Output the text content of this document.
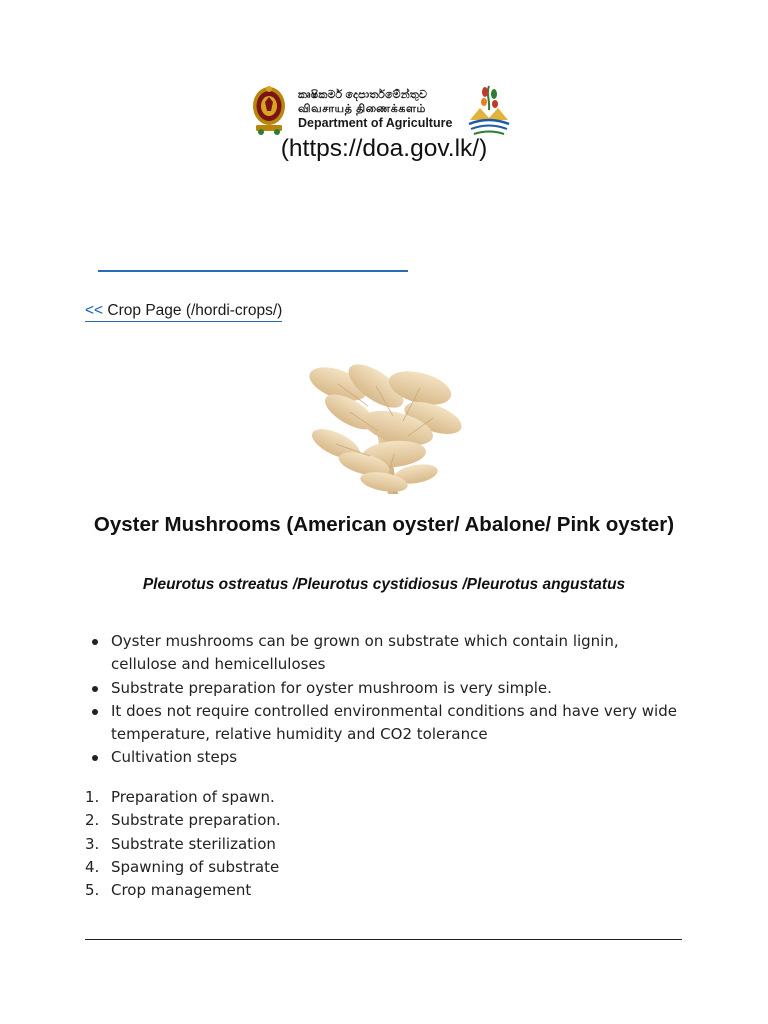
කෘෂිකර්ම දෙපාර්තමේන්තුව
விவசாயத் திணைக்களம்
Department of Agriculture
(https://doa.gov.lk/)
<< Crop Page (/hordi-crops/)
Oyster Mushrooms (American oyster/ Abalone/ Pink oyster)
Pleurotus ostreatus /Pleurotus cystidiosus /Pleurotus angustatus
Oyster mushrooms can be grown on substrate which contain lignin, cellulose and hemicelluloses
Substrate preparation for oyster mushroom is very simple.
It does not require controlled environmental conditions and have very wide temperature, relative humidity and CO2 tolerance
Cultivation steps
1. Preparation of spawn.
2. Substrate preparation.
3. Substrate sterilization
4. Spawning of substrate
5. Crop management
